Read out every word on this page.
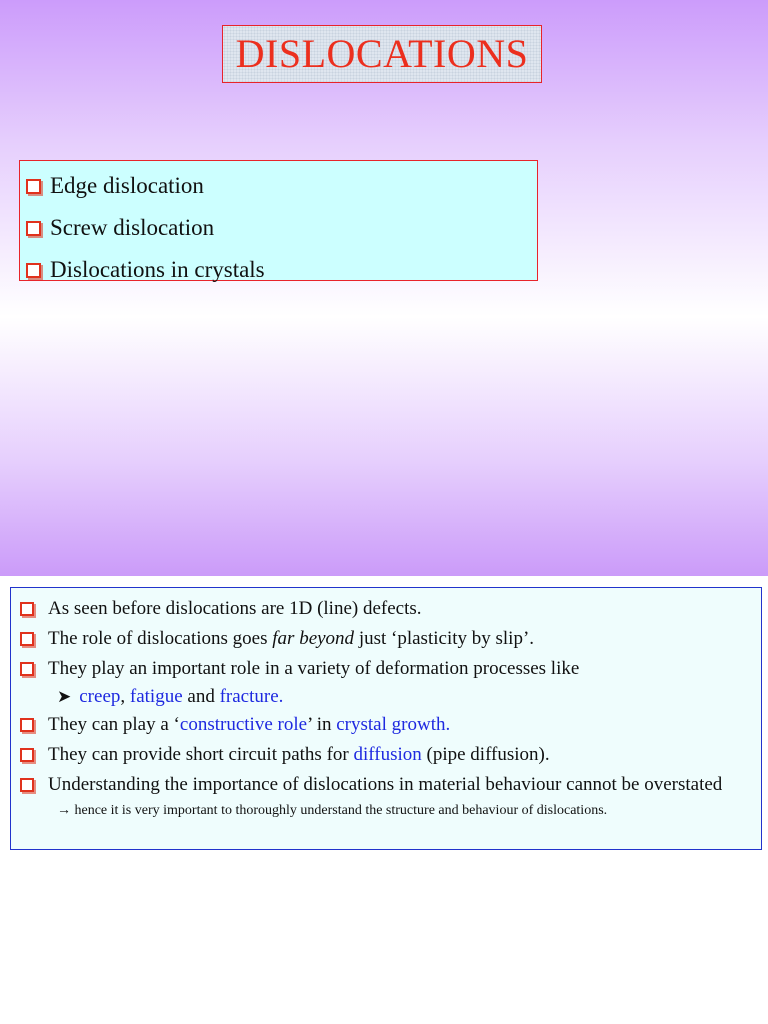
DISLOCATIONS
Edge dislocation
Screw dislocation
Dislocations in crystals
As seen before dislocations are 1D (line) defects.
The role of dislocations goes far beyond just ‘plasticity by slip’.
They play an important role in a variety of deformation processes like
➤ creep, fatigue and fracture.
They can play a ‘constructive role’ in crystal growth.
They can provide short circuit paths for diffusion (pipe diffusion).
Understanding the importance of dislocations in material behaviour cannot be overstated
→ hence it is very important to thoroughly understand the structure and behaviour of dislocations.
